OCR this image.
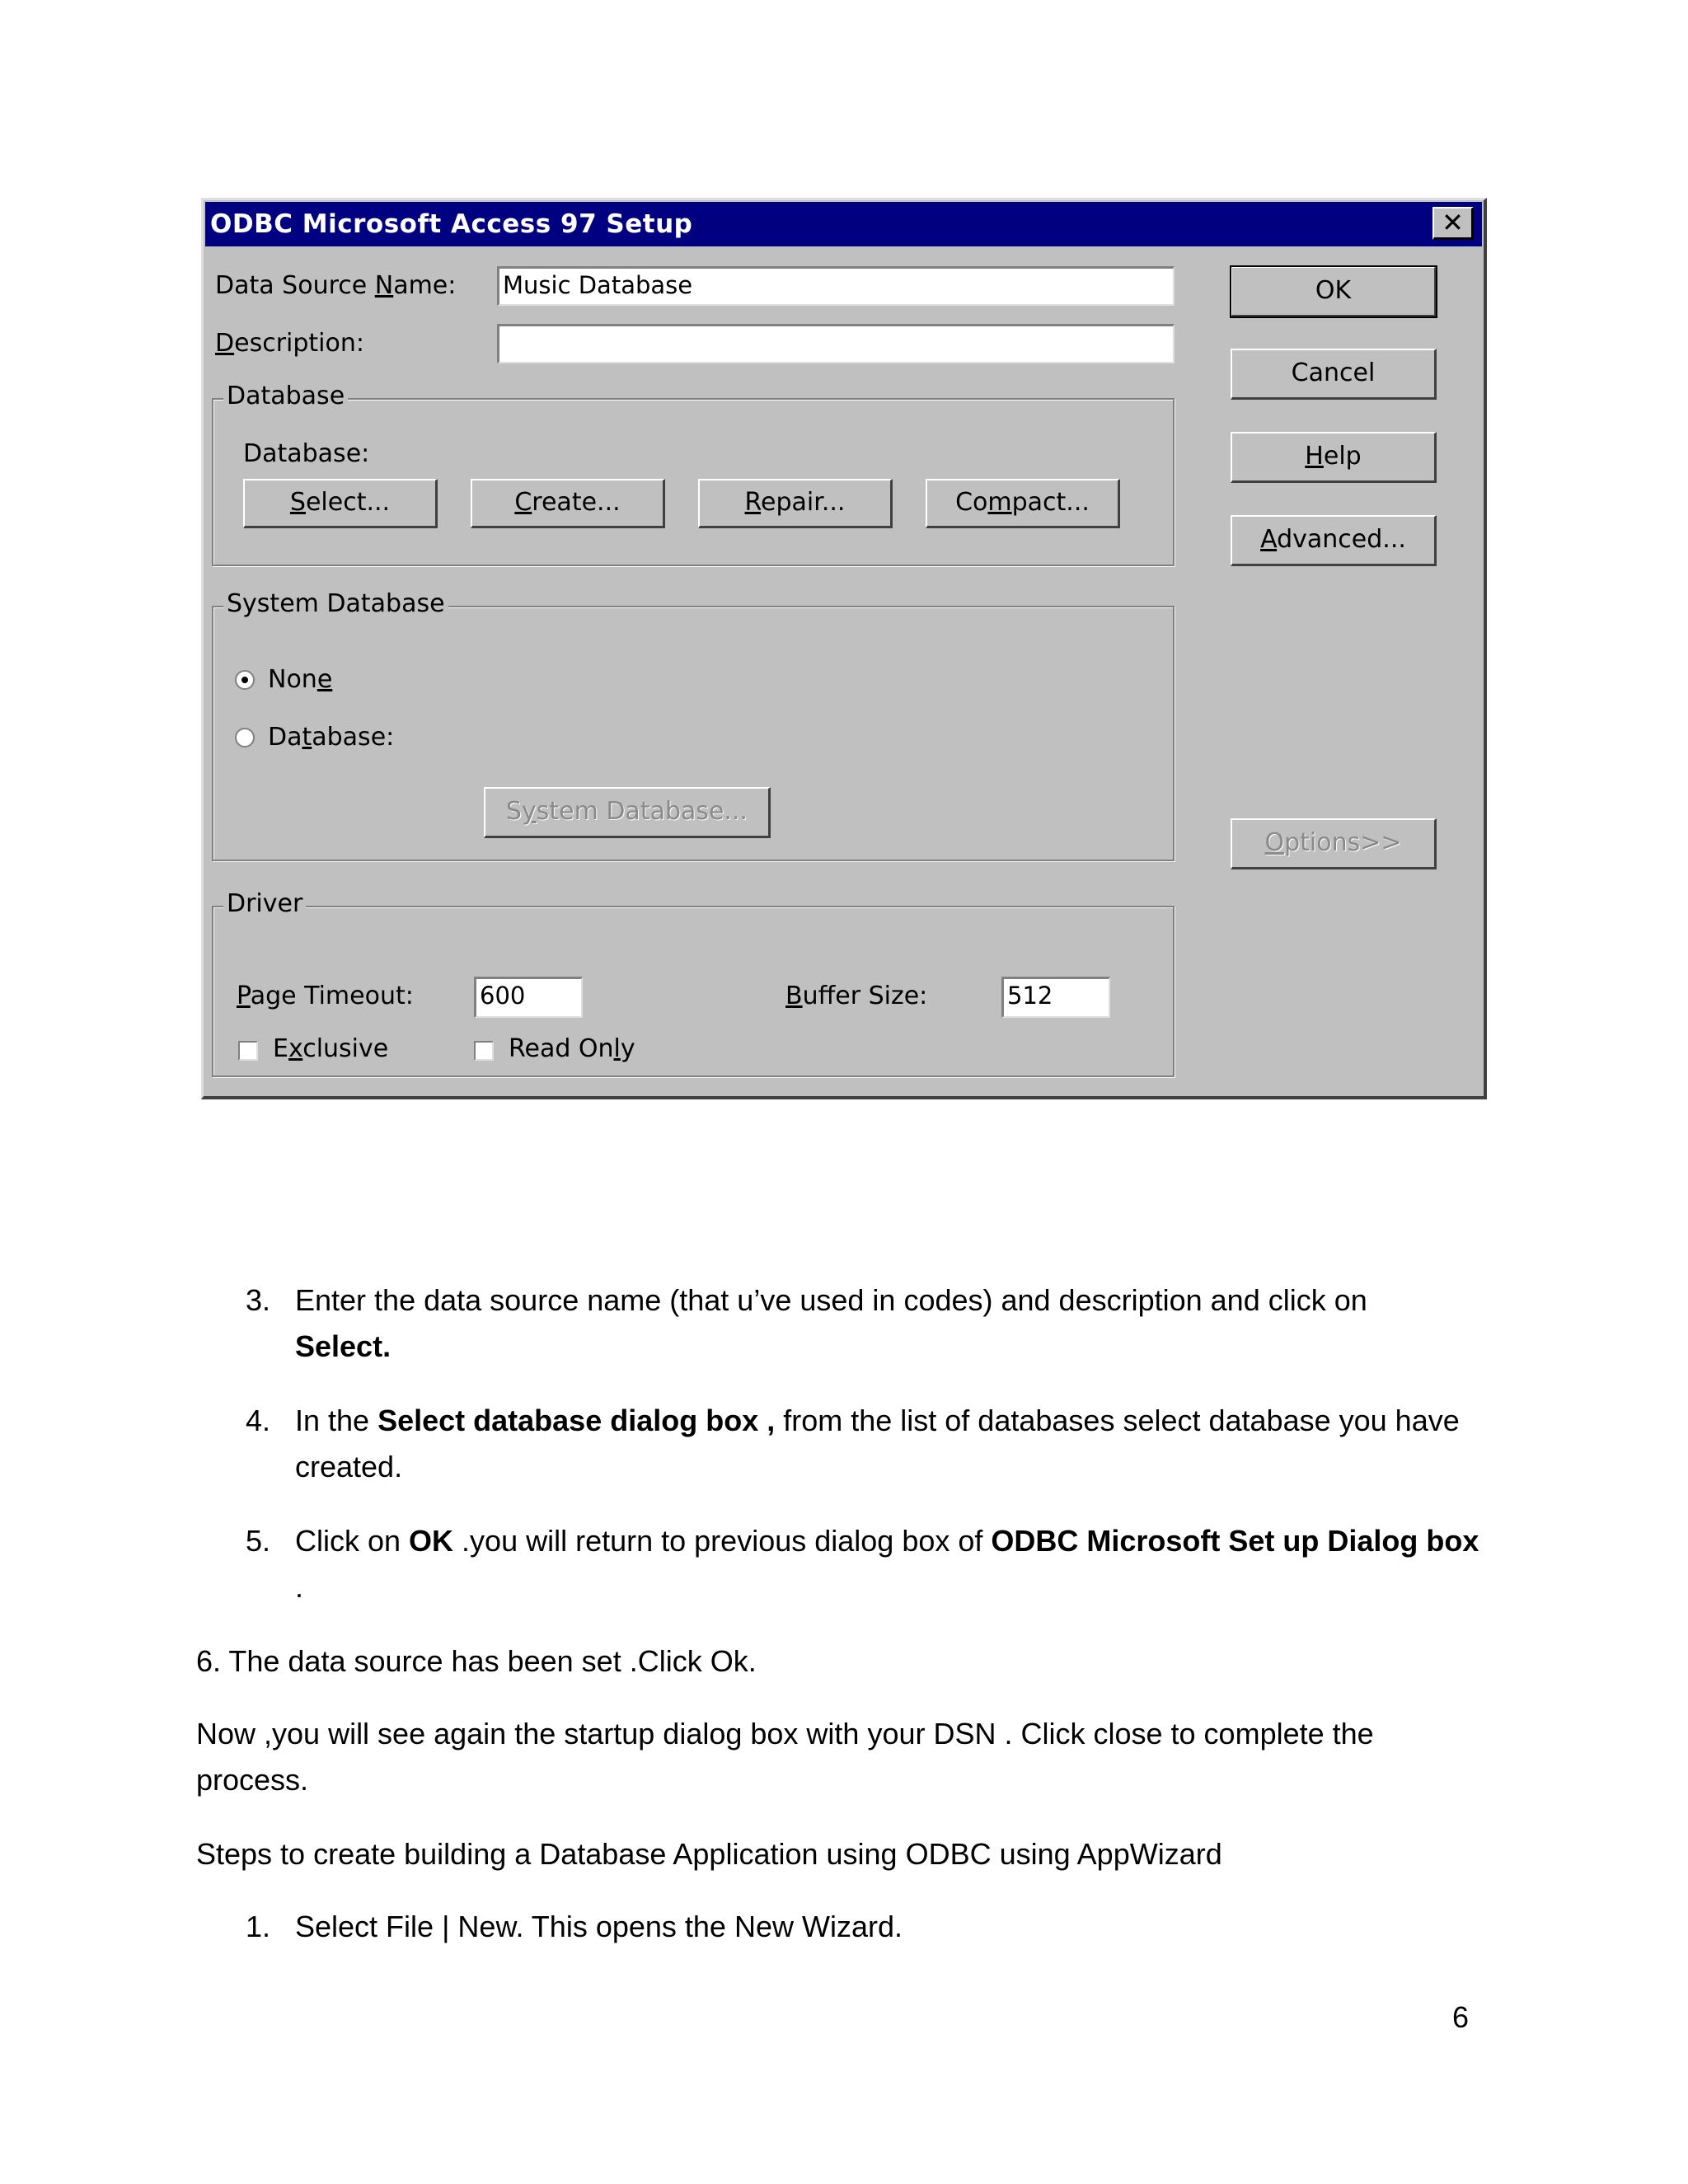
ODBC Microsoft Access 97 Setup	✕
Data Source Name: Music Database
Description:
Database
Database:
Select...	Create...	Repair...	Compact...
System Database
None
Database:
System Database...
Driver
Page Timeout:	600	Buffer Size:	512
Exclusive	Read Only
OK
Cancel
Help
Advanced...
Options>>
3. Enter the data source name (that u’ve used in codes) and description and click on
Select.
4. In the Select database dialog box , from the list of databases select database you have
created.
5. Click on OK .you will return to previous dialog box of ODBC Microsoft Set up Dialog box
.
6. The data source has been set .Click Ok.
Now ,you will see again the startup dialog box with your DSN . Click close to complete the
process.
Steps to create building a Database Application using ODBC using AppWizard
1. Select File | New. This opens the New Wizard.
6
